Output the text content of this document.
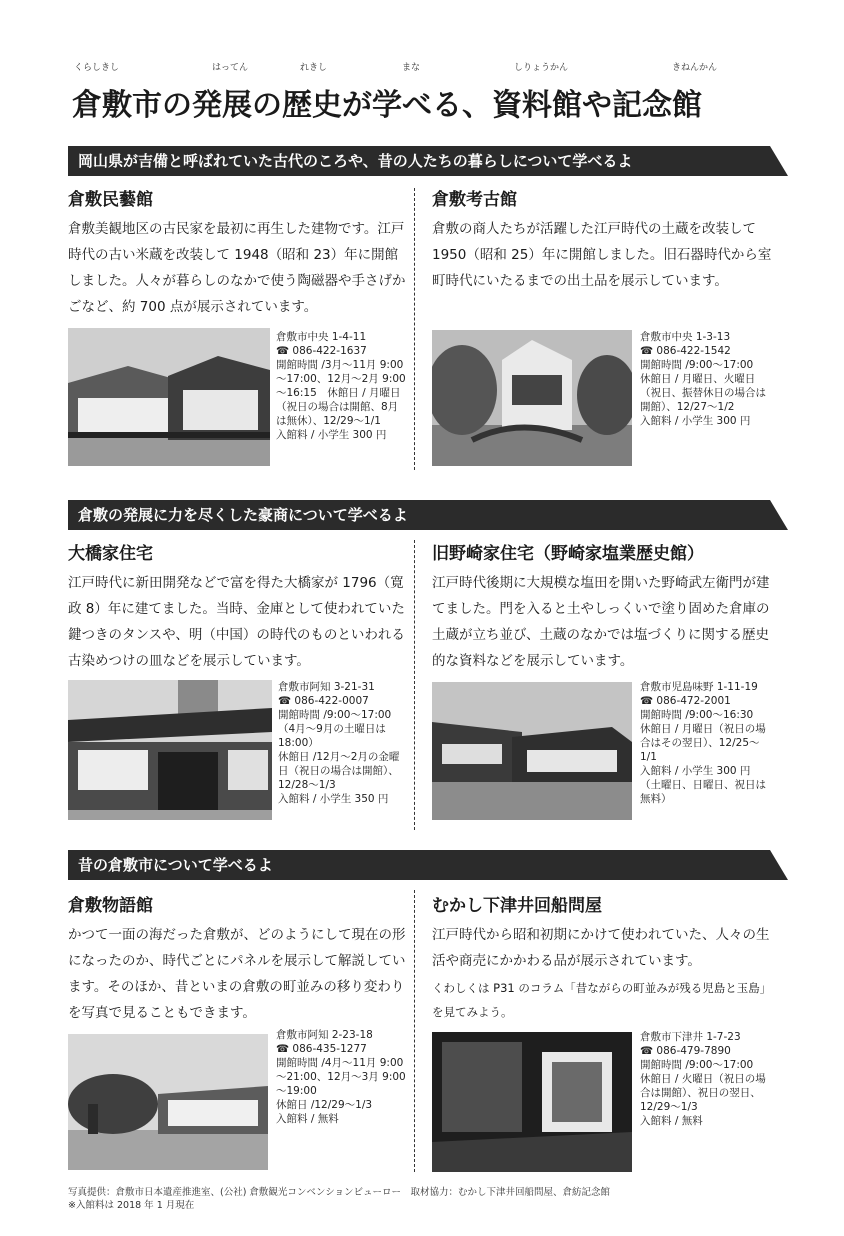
くらしきし	はってん	れきし	まな	しりょうかん	きねんかん
倉敷市の発展の歴史が学べる、資料館や記念館
岡山県が吉備と呼ばれていた古代のころや、昔の人たちの暮らしについて学べるよ
倉敷民藝館
倉敷美観地区の古民家を最初に再生した建物です。江戸時代の古い米蔵を改装して 1948（昭和 23）年に開館しました。人々が暮らしのなかで使う陶磁器や手さげかごなど、約 700 点が展示されています。
倉敷市中央 1-4-11
☎ 086-422-1637
開館時間 /3月～11月 9:00～17:00、12月～2月 9:00～16:15　休館日 / 月曜日（祝日の場合は開館、8月は無休）、12/29～1/1
入館料 / 小学生 300 円
倉敷考古館
倉敷の商人たちが活躍した江戸時代の土蔵を改装して 1950（昭和 25）年に開館しました。旧石器時代から室町時代にいたるまでの出土品を展示しています。
倉敷市中央 1-3-13
☎ 086-422-1542
開館時間 /9:00～17:00
休館日 / 月曜日、火曜日（祝日、振替休日の場合は開館）、12/27～1/2
入館料 / 小学生 300 円
倉敷の発展に力を尽くした豪商について学べるよ
大橋家住宅
江戸時代に新田開発などで富を得た大橋家が 1796（寛政 8）年に建てました。当時、金庫として使われていた鍵つきのタンスや、明（中国）の時代のものといわれる古染めつけの皿などを展示しています。
倉敷市阿知 3-21-31
☎ 086-422-0007
開館時間 /9:00～17:00（4月～9月の土曜日は 18:00）
休館日 /12月～2月の金曜日（祝日の場合は開館）、12/28～1/3
入館料 / 小学生 350 円
旧野崎家住宅（野崎家塩業歴史館）
江戸時代後期に大規模な塩田を開いた野崎武左衛門が建てました。門を入ると土やしっくいで塗り固めた倉庫の土蔵が立ち並び、土蔵のなかでは塩づくりに関する歴史的な資料などを展示しています。
倉敷市児島味野 1-11-19
☎ 086-472-2001
開館時間 /9:00～16:30
休館日 / 月曜日（祝日の場合はその翌日）、12/25～1/1
入館料 / 小学生 300 円（土曜日、日曜日、祝日は無料）
昔の倉敷市について学べるよ
倉敷物語館
かつて一面の海だった倉敷が、どのようにして現在の形になったのか、時代ごとにパネルを展示して解説しています。そのほか、昔といまの倉敷の町並みの移り変わりを写真で見ることもできます。
倉敷市阿知 2-23-18
☎ 086-435-1277
開館時間 /4月～11月 9:00～21:00、12月～3月 9:00～19:00
休館日 /12/29～1/3
入館料 / 無料
むかし下津井回船問屋
江戸時代から昭和初期にかけて使われていた、人々の生活や商売にかかわる品が展示されています。
くわしくは P31 のコラム「昔ながらの町並みが残る児島と玉島」を見てみよう。
倉敷市下津井 1-7-23
☎ 086-479-7890
開館時間 /9:00～17:00
休館日 / 火曜日（祝日の場合は開館）、祝日の翌日、12/29～1/3
入館料 / 無料
写真提供：倉敷市日本遺産推進室、(公社) 倉敷観光コンベンションビューロー　取材協力：むかし下津井回船問屋、倉紡記念館
※入館料は 2018 年 1 月現在
